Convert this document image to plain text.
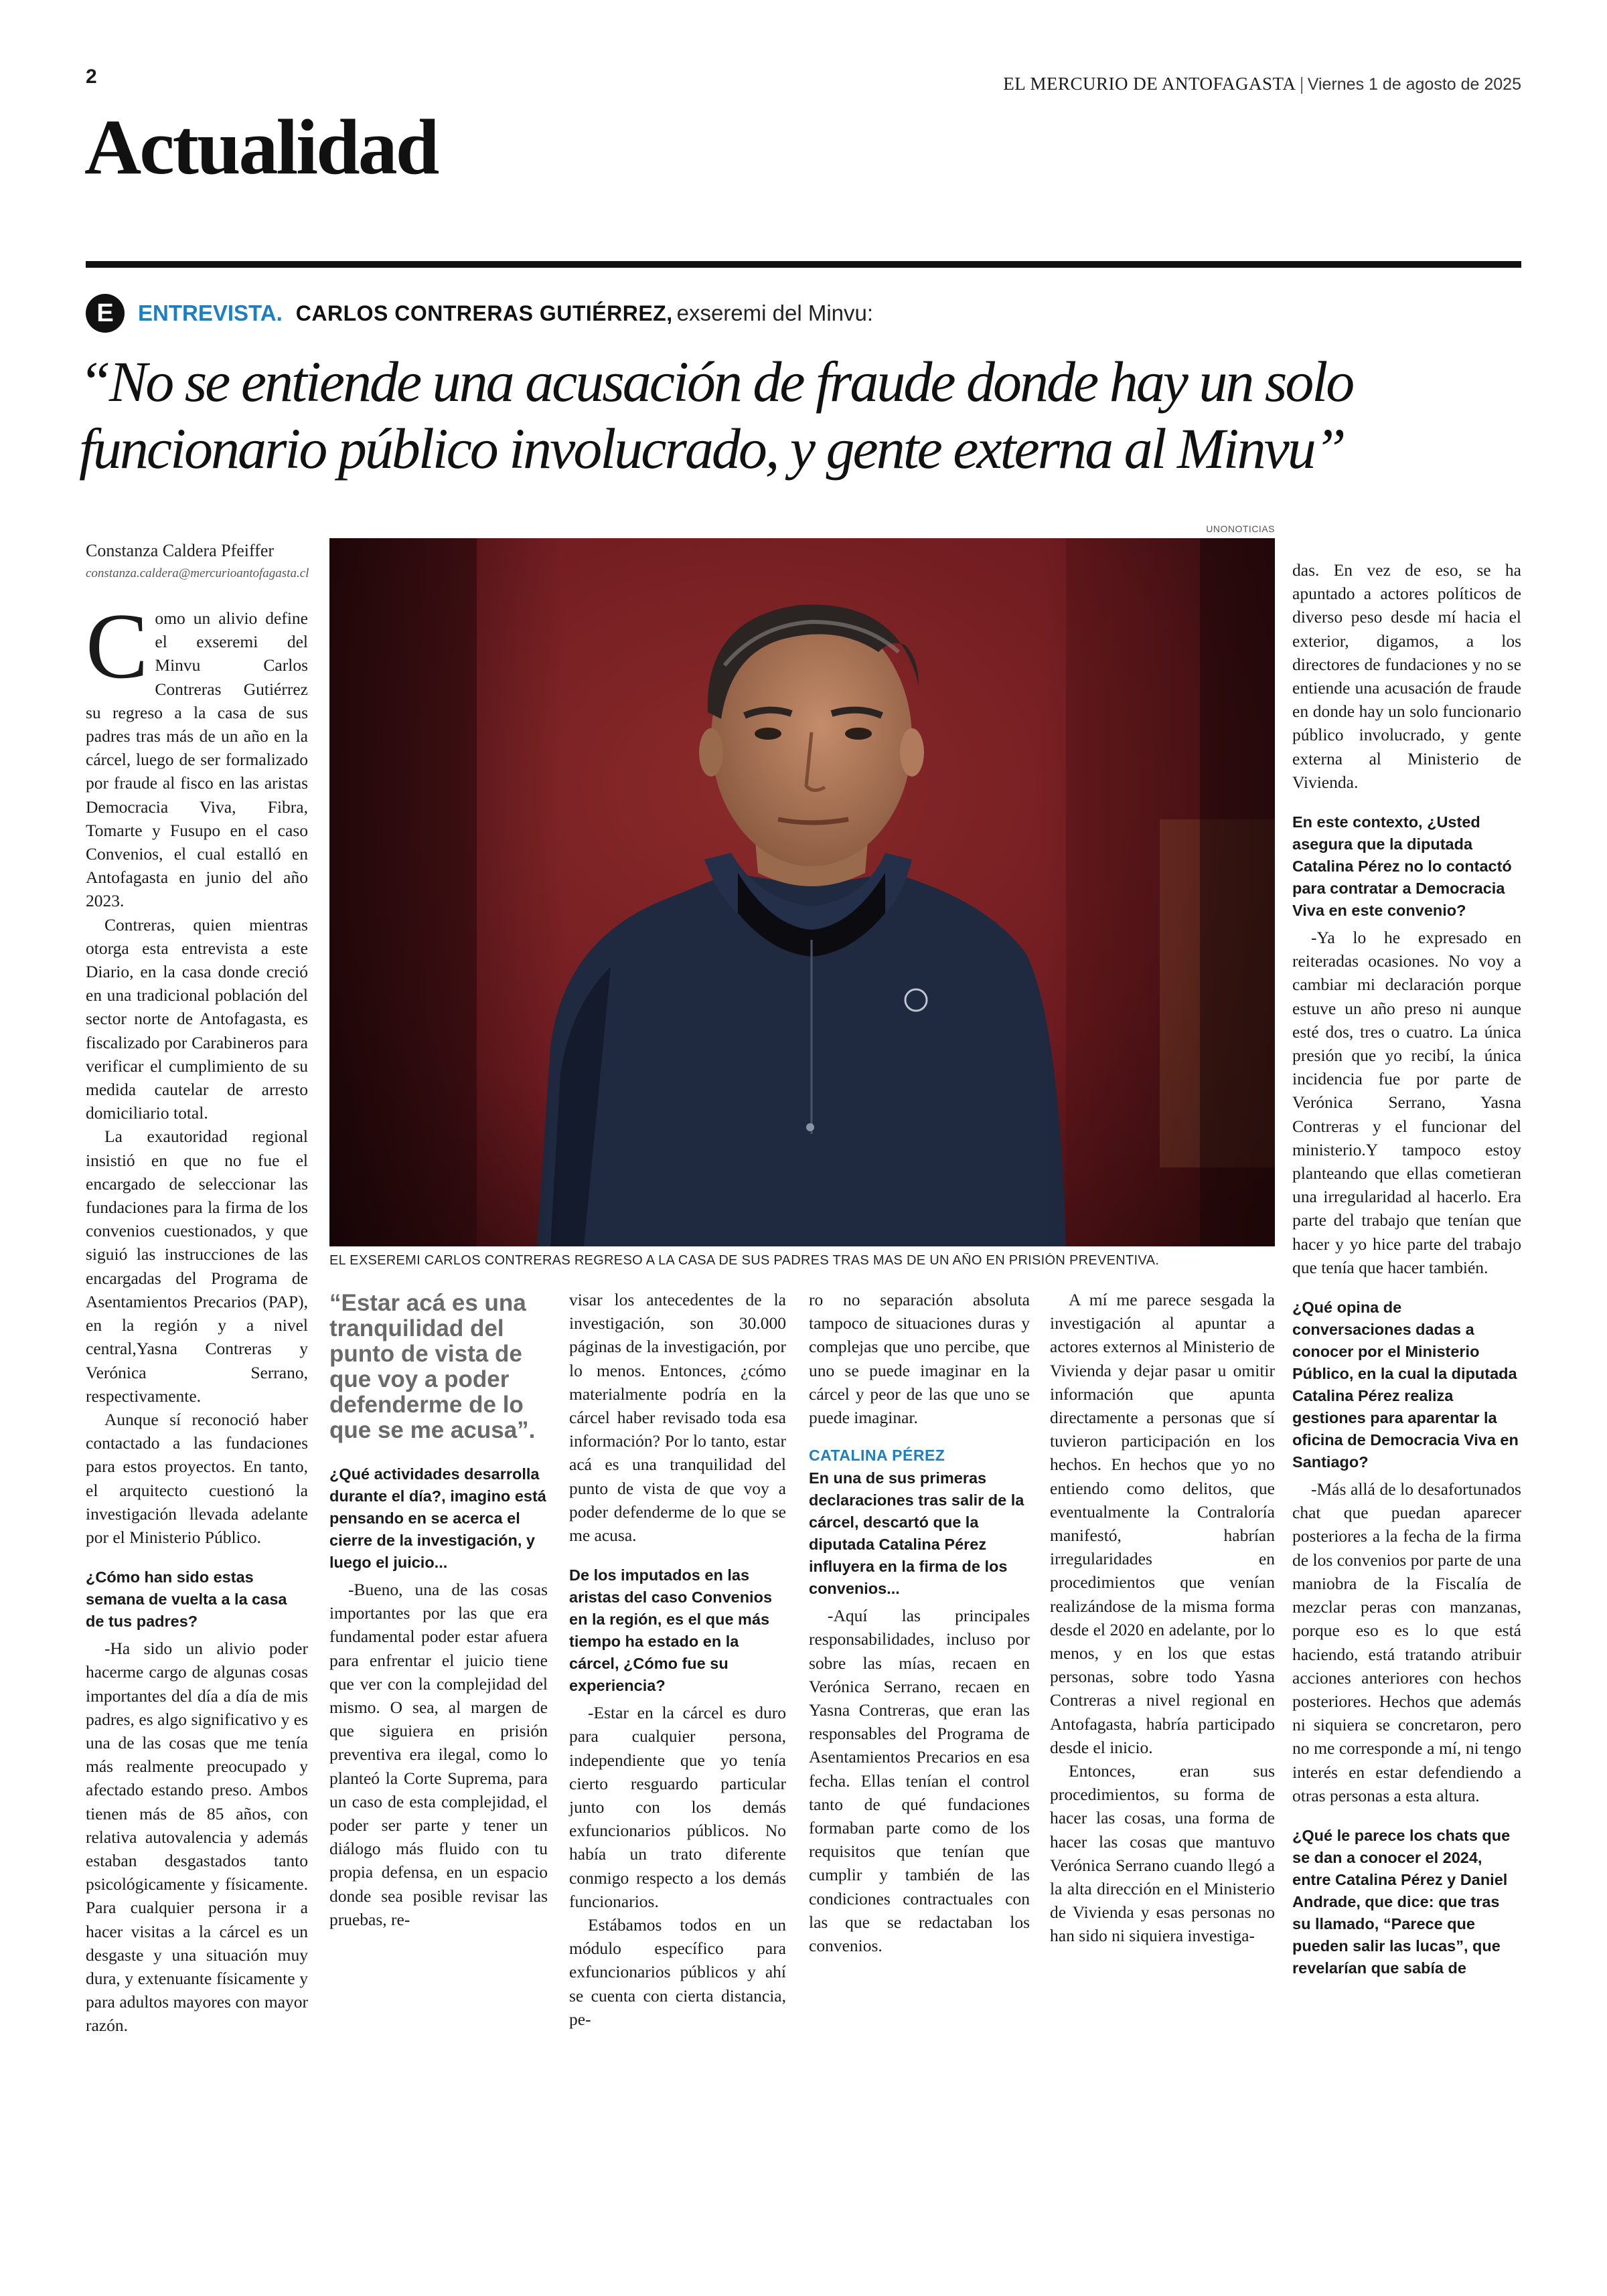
2	EL MERCURIO DE ANTOFAGASTA | Viernes 1 de agosto de 2025
Actualidad
E	ENTREVISTA. CARLOS CONTRERAS GUTIÉRREZ, exseremi del Minvu:
“No se entiende una acusación de fraude donde hay un solo funcionario público involucrado, y gente externa al Minvu”
Constanza Caldera Pfeiffer
constanza.caldera@mercurioantofagasta.cl
UNONOTICIAS
EL EXSEREMI CARLOS CONTRERAS REGRESO A LA CASA DE SUS PADRES TRAS MAS DE UN AÑO EN PRISIÓN PREVENTIVA.

Como un alivio define el exseremi del Minvu Carlos Contreras Gutiérrez su regreso a la casa de sus padres tras más de un año en la cárcel, luego de ser formalizado por fraude al fisco en las aristas Democracia Viva, Fibra, Tomarte y Fusupo en el caso Convenios, el cual estalló en Antofagasta en junio del año 2023.

Contreras, quien mientras otorga esta entrevista a este Diario, en la casa donde creció en una tradicional población del sector norte de Antofagasta, es fiscalizado por Carabineros para verificar el cumplimiento de su medida cautelar de arresto domiciliario total.

La exautoridad regional insistió en que no fue el encargado de seleccionar las fundaciones para la firma de los convenios cuestionados, y que siguió las instrucciones de las encargadas del Programa de Asentamientos Precarios (PAP), en la región y a nivel central,Yasna Contreras y Verónica Serrano, respectivamente.

Aunque sí reconoció haber contactado a las fundaciones para estos proyectos. En tanto, el arquitecto cuestionó la investigación llevada adelante por el Ministerio Público.

¿Cómo han sido estas semana de vuelta a la casa de tus padres?

-Ha sido un alivio poder hacerme cargo de algunas cosas importantes del día a día de mis padres, es algo significativo y es una de las cosas que me tenía más realmente preocupado y afectado estando preso. Ambos tienen más de 85 años, con relativa autovalencia y además estaban desgastados tanto psicológicamente y físicamente. Para cualquier persona ir a hacer visitas a la cárcel es un desgaste y una situación muy dura, y extenuante físicamente y para adultos mayores con mayor razón.

“Estar acá es una tranquilidad del punto de vista de que voy a poder defenderme de lo que se me acusa”.
¿Qué actividades desarrolla durante el día?, imagino está pensando en se acerca el cierre de la investigación, y luego el juicio...

-Bueno, una de las cosas importantes por las que era fundamental poder estar afuera para enfrentar el juicio tiene que ver con la complejidad del mismo. O sea, al margen de que siguiera en prisión preventiva era ilegal, como lo planteó la Corte Suprema, para un caso de esta complejidad, el poder ser parte y tener un diálogo más fluido con tu propia defensa, en un espacio donde sea posible revisar las pruebas, re-

visar los antecedentes de la investigación, son 30.000 páginas de la investigación, por lo menos. Entonces, ¿cómo materialmente podría en la cárcel haber revisado toda esa información? Por lo tanto, estar acá es una tranquilidad del punto de vista de que voy a poder defenderme de lo que se me acusa.

De los imputados en las aristas del caso Convenios en la región, es el que más tiempo ha estado en la cárcel, ¿Cómo fue su experiencia?

-Estar en la cárcel es duro para cualquier persona, independiente que yo tenía cierto resguardo particular junto con los demás exfuncionarios públicos. No había un trato diferente conmigo respecto a los demás funcionarios.

Estábamos todos en un módulo específico para exfuncionarios públicos y ahí se cuenta con cierta distancia, pe-

ro no separación absoluta tampoco de situaciones duras y complejas que uno percibe, que uno se puede imaginar en la cárcel y peor de las que uno se puede imaginar.

CATALINA PÉREZ
En una de sus primeras declaraciones tras salir de la cárcel, descartó que la diputada Catalina Pérez influyera en la firma de los convenios...

-Aquí las principales responsabilidades, incluso por sobre las mías, recaen en Verónica Serrano, recaen en Yasna Contreras, que eran las responsables del Programa de Asentamientos Precarios en esa fecha. Ellas tenían el control tanto de qué fundaciones formaban parte como de los requisitos que tenían que cumplir y también de las condiciones contractuales con las que se redactaban los convenios.

A mí me parece sesgada la investigación al apuntar a actores externos al Ministerio de Vivienda y dejar pasar u omitir información que apunta directamente a personas que sí tuvieron participación en los hechos. En hechos que yo no entiendo como delitos, que eventualmente la Contraloría manifestó, habrían irregularidades en procedimientos que venían realizándose de la misma forma desde el 2020 en adelante, por lo menos, y en los que estas personas, sobre todo Yasna Contreras a nivel regional en Antofagasta, habría participado desde el inicio.

Entonces, eran sus procedimientos, su forma de hacer las cosas, una forma de hacer las cosas que mantuvo Verónica Serrano cuando llegó a la alta dirección en el Ministerio de Vivienda y esas personas no han sido ni siquiera investiga-

das. En vez de eso, se ha apuntado a actores políticos de diverso peso desde mí hacia el exterior, digamos, a los directores de fundaciones y no se entiende una acusación de fraude en donde hay un solo funcionario público involucrado, y gente externa al Ministerio de Vivienda.

En este contexto, ¿Usted asegura que la diputada Catalina Pérez no lo contactó para contratar a Democracia Viva en este convenio?

-Ya lo he expresado en reiteradas ocasiones. No voy a cambiar mi declaración porque estuve un año preso ni aunque esté dos, tres o cuatro. La única presión que yo recibí, la única incidencia fue por parte de Verónica Serrano, Yasna Contreras y el funcionar del ministerio.Y tampoco estoy planteando que ellas cometieran una irregularidad al hacerlo. Era parte del trabajo que tenían que hacer y yo hice parte del trabajo que tenía que hacer también.

¿Qué opina de conversaciones dadas a conocer por el Ministerio Público, en la cual la diputada Catalina Pérez realiza gestiones para aparentar la oficina de Democracia Viva en Santiago?

-Más allá de lo desafortunados chat que puedan aparecer posteriores a la fecha de la firma de los convenios por parte de una maniobra de la Fiscalía de mezclar peras con manzanas, porque eso es lo que está haciendo, está tratando atribuir acciones anteriores con hechos posteriores. Hechos que además ni siquiera se concretaron, pero no me corresponde a mí, ni tengo interés en estar defendiendo a otras personas a esta altura.

¿Qué le parece los chats que se dan a conocer el 2024, entre Catalina Pérez y Daniel Andrade, que dice: que tras su llamado, “Parece que pueden salir las lucas”, que revelarían que sabía de
